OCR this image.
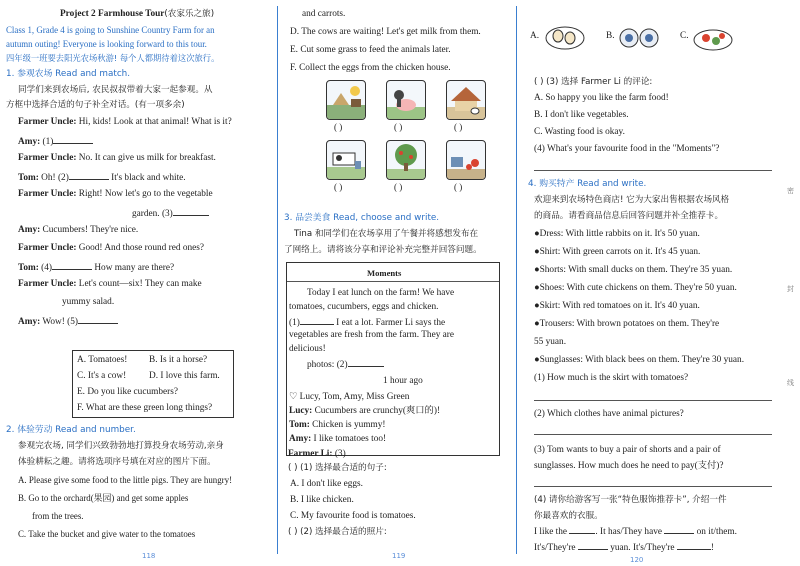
Project 2 Farmhouse Tour(农家乐之旅)
Class 1, Grade 4 is going to Sunshine Country Farm for an
autumn outing! Everyone is looking forward to this tour.
四年级一班要去阳光农场秋游! 每个人都期待着这次旅行。
1. 参观农场 Read and match.
同学们来到农场后, 农民叔叔带着大家一起参观。从
方框中选择合适的句子补全对话。(有一项多余)
Farmer Uncle: Hi, kids! Look at that animal! What is it?
Amy: (1)
Farmer Uncle: No. It can give us milk for breakfast.
Tom: Oh! (2)	It's black and white.
Farmer Uncle: Right! Now let's go to the vegetable
garden. (3)
Amy: Cucumbers! They're nice.
Farmer Uncle: Good! And those round red ones?
Tom: (4)	How many are there?
Farmer Uncle: Let's count—six! They can make
yummy salad.
Amy: Wow! (5)
A. Tomatoes! B. Is it a horse?
C. It's a cow! D. I love this farm.
E. Do you like cucumbers?
F. What are these green long things?
2. 体验劳动 Read and number.
参观完农场, 同学们兴致勃勃地打算投身农场劳动,亲身
体验耕耘之趣。请将选项序号填在对应的图片下面。
A. Please give some food to the little pigs. They are hungry!
B. Go to the orchard(果园) and get some apples
from the trees.
C. Take the bucket and give water to the tomatoes
118
and carrots.
D. The cows are waiting! Let's get milk from them.
E. Cut some grass to feed the animals later.
F. Collect the eggs from the chicken house.
( )	( )	( )
( )	( )	( )
3. 品尝美食 Read, choose and write.
Tina 和同学们在农场享用了午餐并将感想发布在
了网络上。请将该分享和评论补充完整并回答问题。
Moments
Today I eat lunch on the farm! We have
tomatoes, cucumbers, eggs and chicken.
(1)	I eat a lot. Farmer Li says the
vegetables are fresh from the farm. They are
delicious!
photos: (2)
1 hour ago
♡ Lucy, Tom, Amy, Miss Green
Lucy: Cucumbers are crunchy(爽口的)!
Tom: Chicken is yummy!
Amy: I like tomatoes too!
Farmer Li: (3)
( ) (1) 选择最合适的句子:
A. I don't like eggs.
B. I like chicken.
C. My favourite food is tomatoes.
( ) (2) 选择最合适的照片:
119
A.	B.	C.
( ) (3) 选择 Farmer Li 的评论:
A. So happy you like the farm food!
B. I don't like vegetables.
C. Wasting food is okay.
(4) What's your favourite food in the "Moments"?
4. 购买特产 Read and write.
欢迎来到农场特色商店! 它为大家出售根据农场风格
的商品。请看商品信息后回答问题并补全推荐卡。
●Dress: With little rabbits on it. It's 50 yuan.
●Shirt: With green carrots on it. It's 45 yuan.
●Shorts: With small ducks on them. They're 35 yuan.
●Shoes: With cute chickens on them. They're 50 yuan.
●Skirt: With red tomatoes on it. It's 40 yuan.
●Trousers: With brown potatoes on them. They're
55 yuan.
●Sunglasses: With black bees on them. They're 30 yuan.
(1) How much is the skirt with tomatoes?
(2) Which clothes have animal pictures?
(3) Tom wants to buy a pair of shorts and a pair of
sunglasses. How much does he need to pay(支付)?
(4) 请你给游客写一张“特色服饰推荐卡”, 介绍一件
你最喜欢的衣服。
I like the	. It has/They have	on it/them.
It's/They're	yuan. It's/They're	!
120
密
封
线
